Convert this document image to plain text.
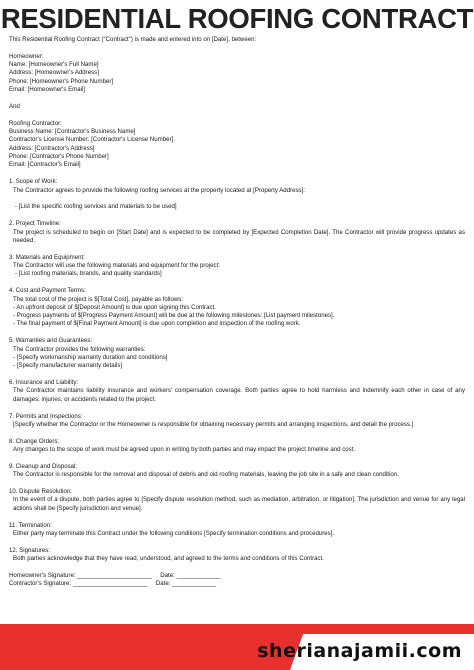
RESIDENTIAL ROOFING CONTRACT

This Residential Roofing Contract ("Contract") is made and entered into on [Date], between:

Homeowner:

Name: [Homeowner's Full Name]

Address: [Homeowner's Address]

Phone: [Homeowner's Phone Number]

Email: [Homeowner's Email]

And

Roofing Contractor:

Business Name: [Contractor's Business Name]

Contractor's License Number: [Contractor's License Number]

Address: [Contractor's Address]

Phone: [Contractor's Phone Number]

Email: [Contractor's Email]

1. Scope of Work:

The Contractor agrees to provide the following roofing services at the property located at [Property Address]:

- [List the specific roofing services and materials to be used]

2. Project Timeline:

The project is scheduled to begin on [Start Date] and is expected to be completed by [Expected Completion Date]. The Contractor will provide progress updates as needed.

3. Materials and Equipment:

The Contractor will use the following materials and equipment for the project:

- [List roofing materials, brands, and quality standards]

4. Cost and Payment Terms:

The total cost of the project is $[Total Cost], payable as follows:

- An upfront deposit of $[Deposit Amount] is due upon signing this Contract.

- Progress payments of $[Progress Payment Amount] will be due at the following milestones: [List payment milestones].

- The final payment of $[Final Payment Amount] is due upon completion and inspection of the roofing work.

5. Warranties and Guarantees:

The Contractor provides the following warranties:

- [Specify workmanship warranty duration and conditions]

- [Specify manufacturer warranty details]

6. Insurance and Liability:

The Contractor maintains liability insurance and workers' compensation coverage. Both parties agree to hold harmless and indemnify each other in case of any damages, injuries, or accidents related to the project.

7. Permits and Inspections:

[Specify whether the Contractor or the Homeowner is responsible for obtaining necessary permits and arranging inspections, and detail the process.]

8. Change Orders:

Any changes to the scope of work must be agreed upon in writing by both parties and may impact the project timeline and cost.

9. Cleanup and Disposal:

The Contractor is responsible for the removal and disposal of debris and old roofing materials, leaving the job site in a safe and clean condition.

10. Dispute Resolution:

In the event of a dispute, both parties agree to [Specify dispute resolution method, such as mediation, arbitration, or litigation]. The jurisdiction and venue for any legal actions shall be [Specify jurisdiction and venue].

11. Termination:

Either party may terminate this Contract under the following conditions [Specify termination conditions and procedures].

12. Signatures:

Both parties acknowledge that they have read, understood, and agreed to the terms and conditions of this Contract.

Homeowner's Signature: ______________________     Date: _____________

Contractor's Signature: ______________________     Date: _____________

sherianajamii.com
